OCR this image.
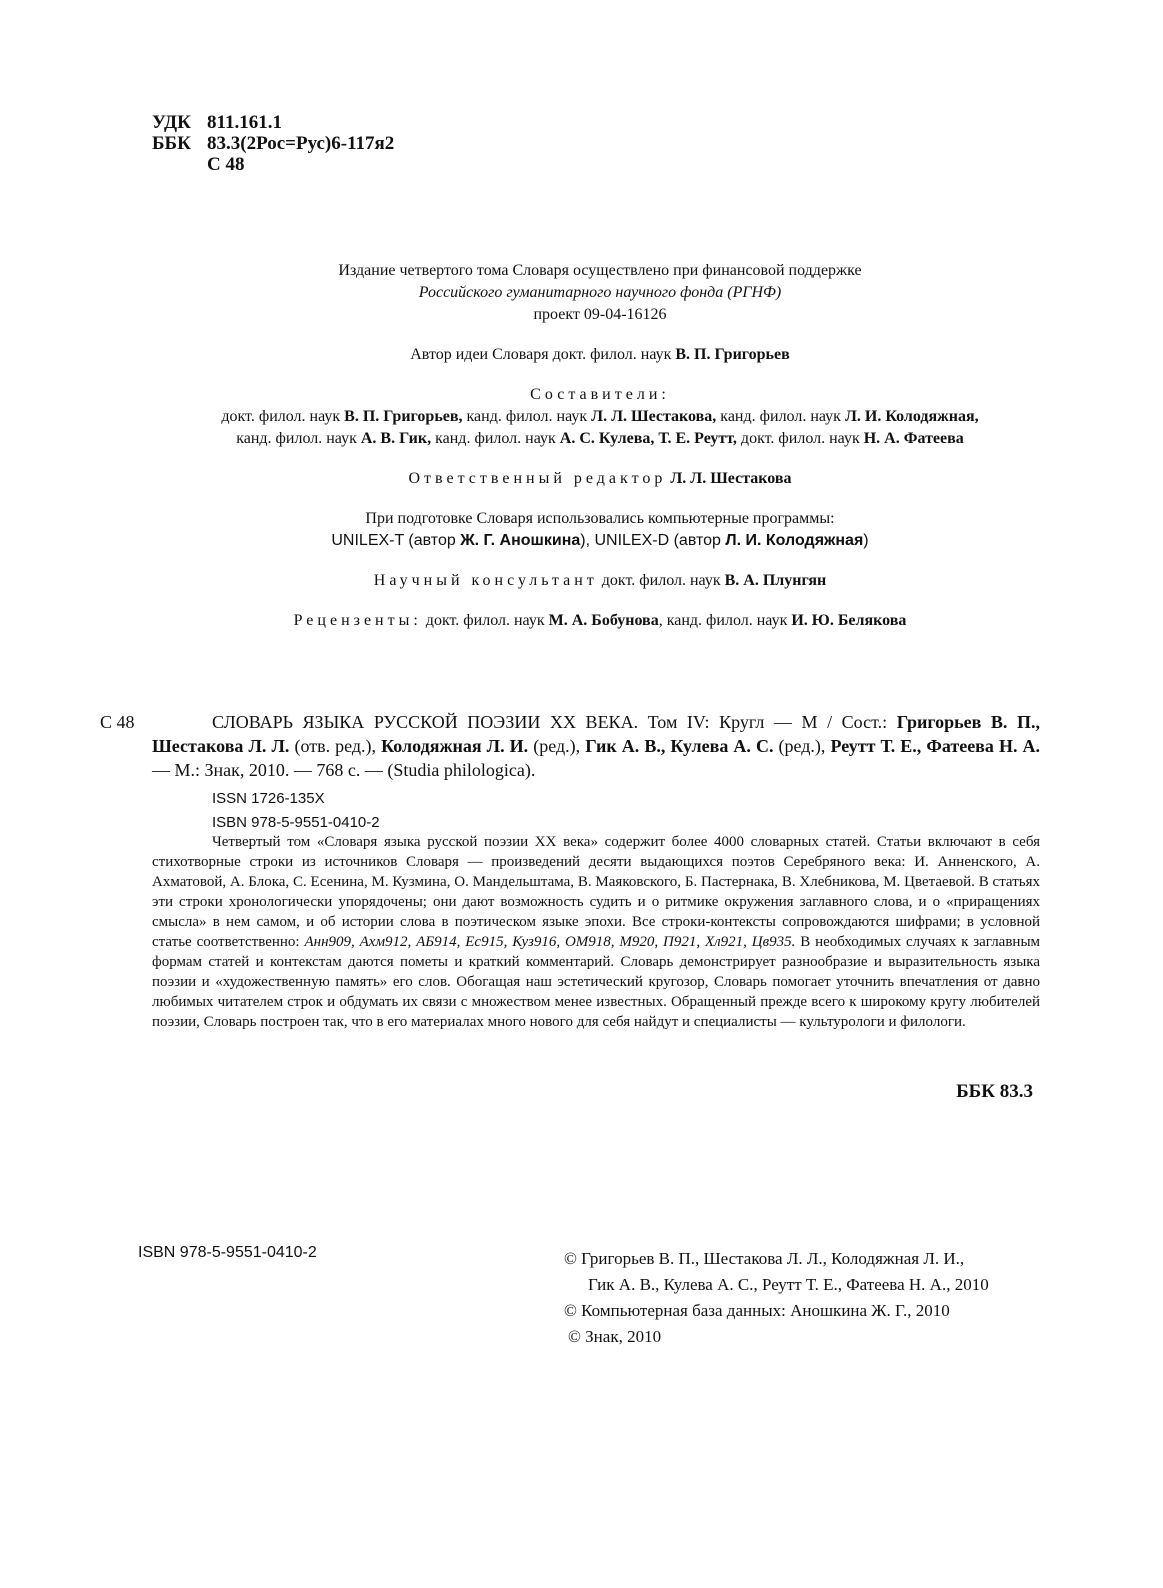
УДК 811.161.1
ББК 83.3(2Рос=Рус)6-117я2
С 48
Издание четвертого тома Словаря осуществлено при финансовой поддержке
Российского гуманитарного научного фонда (РГНФ)
проект 09-04-16126
Автор идеи Словаря докт. филол. наук В. П. Григорьев
Составители:
докт. филол. наук В. П. Григорьев, канд. филол. наук Л. Л. Шестакова, канд. филол. наук Л. И. Колодяжная,
канд. филол. наук А. В. Гик, канд. филол. наук А. С. Кулева, Т. Е. Реутт, докт. филол. наук Н. А. Фатеева
Ответственный редактор Л. Л. Шестакова
При подготовке Словаря использовались компьютерные программы:
UNILEX-T (автор Ж. Г. Аношкина), UNILEX-D (автор Л. И. Колодяжная)
Научный консультант докт. филол. наук В. А. Плунгян
Рецензенты: докт. филол. наук М. А. Бобунова, канд. филол. наук И. Ю. Белякова
С 48	СЛОВАРЬ ЯЗЫКА РУССКОЙ ПОЭЗИИ XX ВЕКА. Том IV: Кругл — М / Сост.: Григорьев В. П., Шестакова Л. Л. (отв. ред.), Колодяжная Л. И. (ред.), Гик А. В., Кулева А. С. (ред.), Реутт Т. Е., Фатеева Н. А. — М.: Знак, 2010. — 768 с. — (Studia philologica).
ISSN 1726-135X
ISBN 978-5-9551-0410-2
Четвертый том «Словаря языка русской поэзии XX века» содержит более 4000 словарных статей. Статьи включают в себя стихотворные строки из источников Словаря — произведений десяти выдающихся поэтов Серебряного века: И. Анненского, А. Ахматовой, А. Блока, С. Есенина, М. Кузмина, О. Мандельштама, В. Маяковского, Б. Пастернака, В. Хлебникова, М. Цветаевой. В статьях эти строки хронологически упорядочены; они дают возможность судить и о ритмике окружения заглавного слова, и о «приращениях смысла» в нем самом, и об истории слова в поэтическом языке эпохи. Все строки-контексты сопровождаются шифрами; в условной статье соответственно: Анн909, Ахм912, АБ914, Ес915, Куз916, ОМ918, М920, П921, Хл921, Цв935. В необходимых случаях к заглавным формам статей и контекстам даются пометы и краткий комментарий. Словарь демонстрирует разнообразие и выразительность языка поэзии и «художественную память» его слов. Обогащая наш эстетический кругозор, Словарь помогает уточнить впечатления от давно любимых читателем строк и обдумать их связи с множеством менее известных. Обращенный прежде всего к широкому кругу любителей поэзии, Словарь построен так, что в его материалах много нового для себя найдут и специалисты — культурологи и филологи.
ББК 83.3
ISBN 978-5-9551-0410-2	© Григорьев В. П., Шестакова Л. Л., Колодяжная Л. И.,
Гик А. В., Кулева А. С., Реутт Т. Е., Фатеева Н. А., 2010
© Компьютерная база данных: Аношкина Ж. Г., 2010
© Знак, 2010
